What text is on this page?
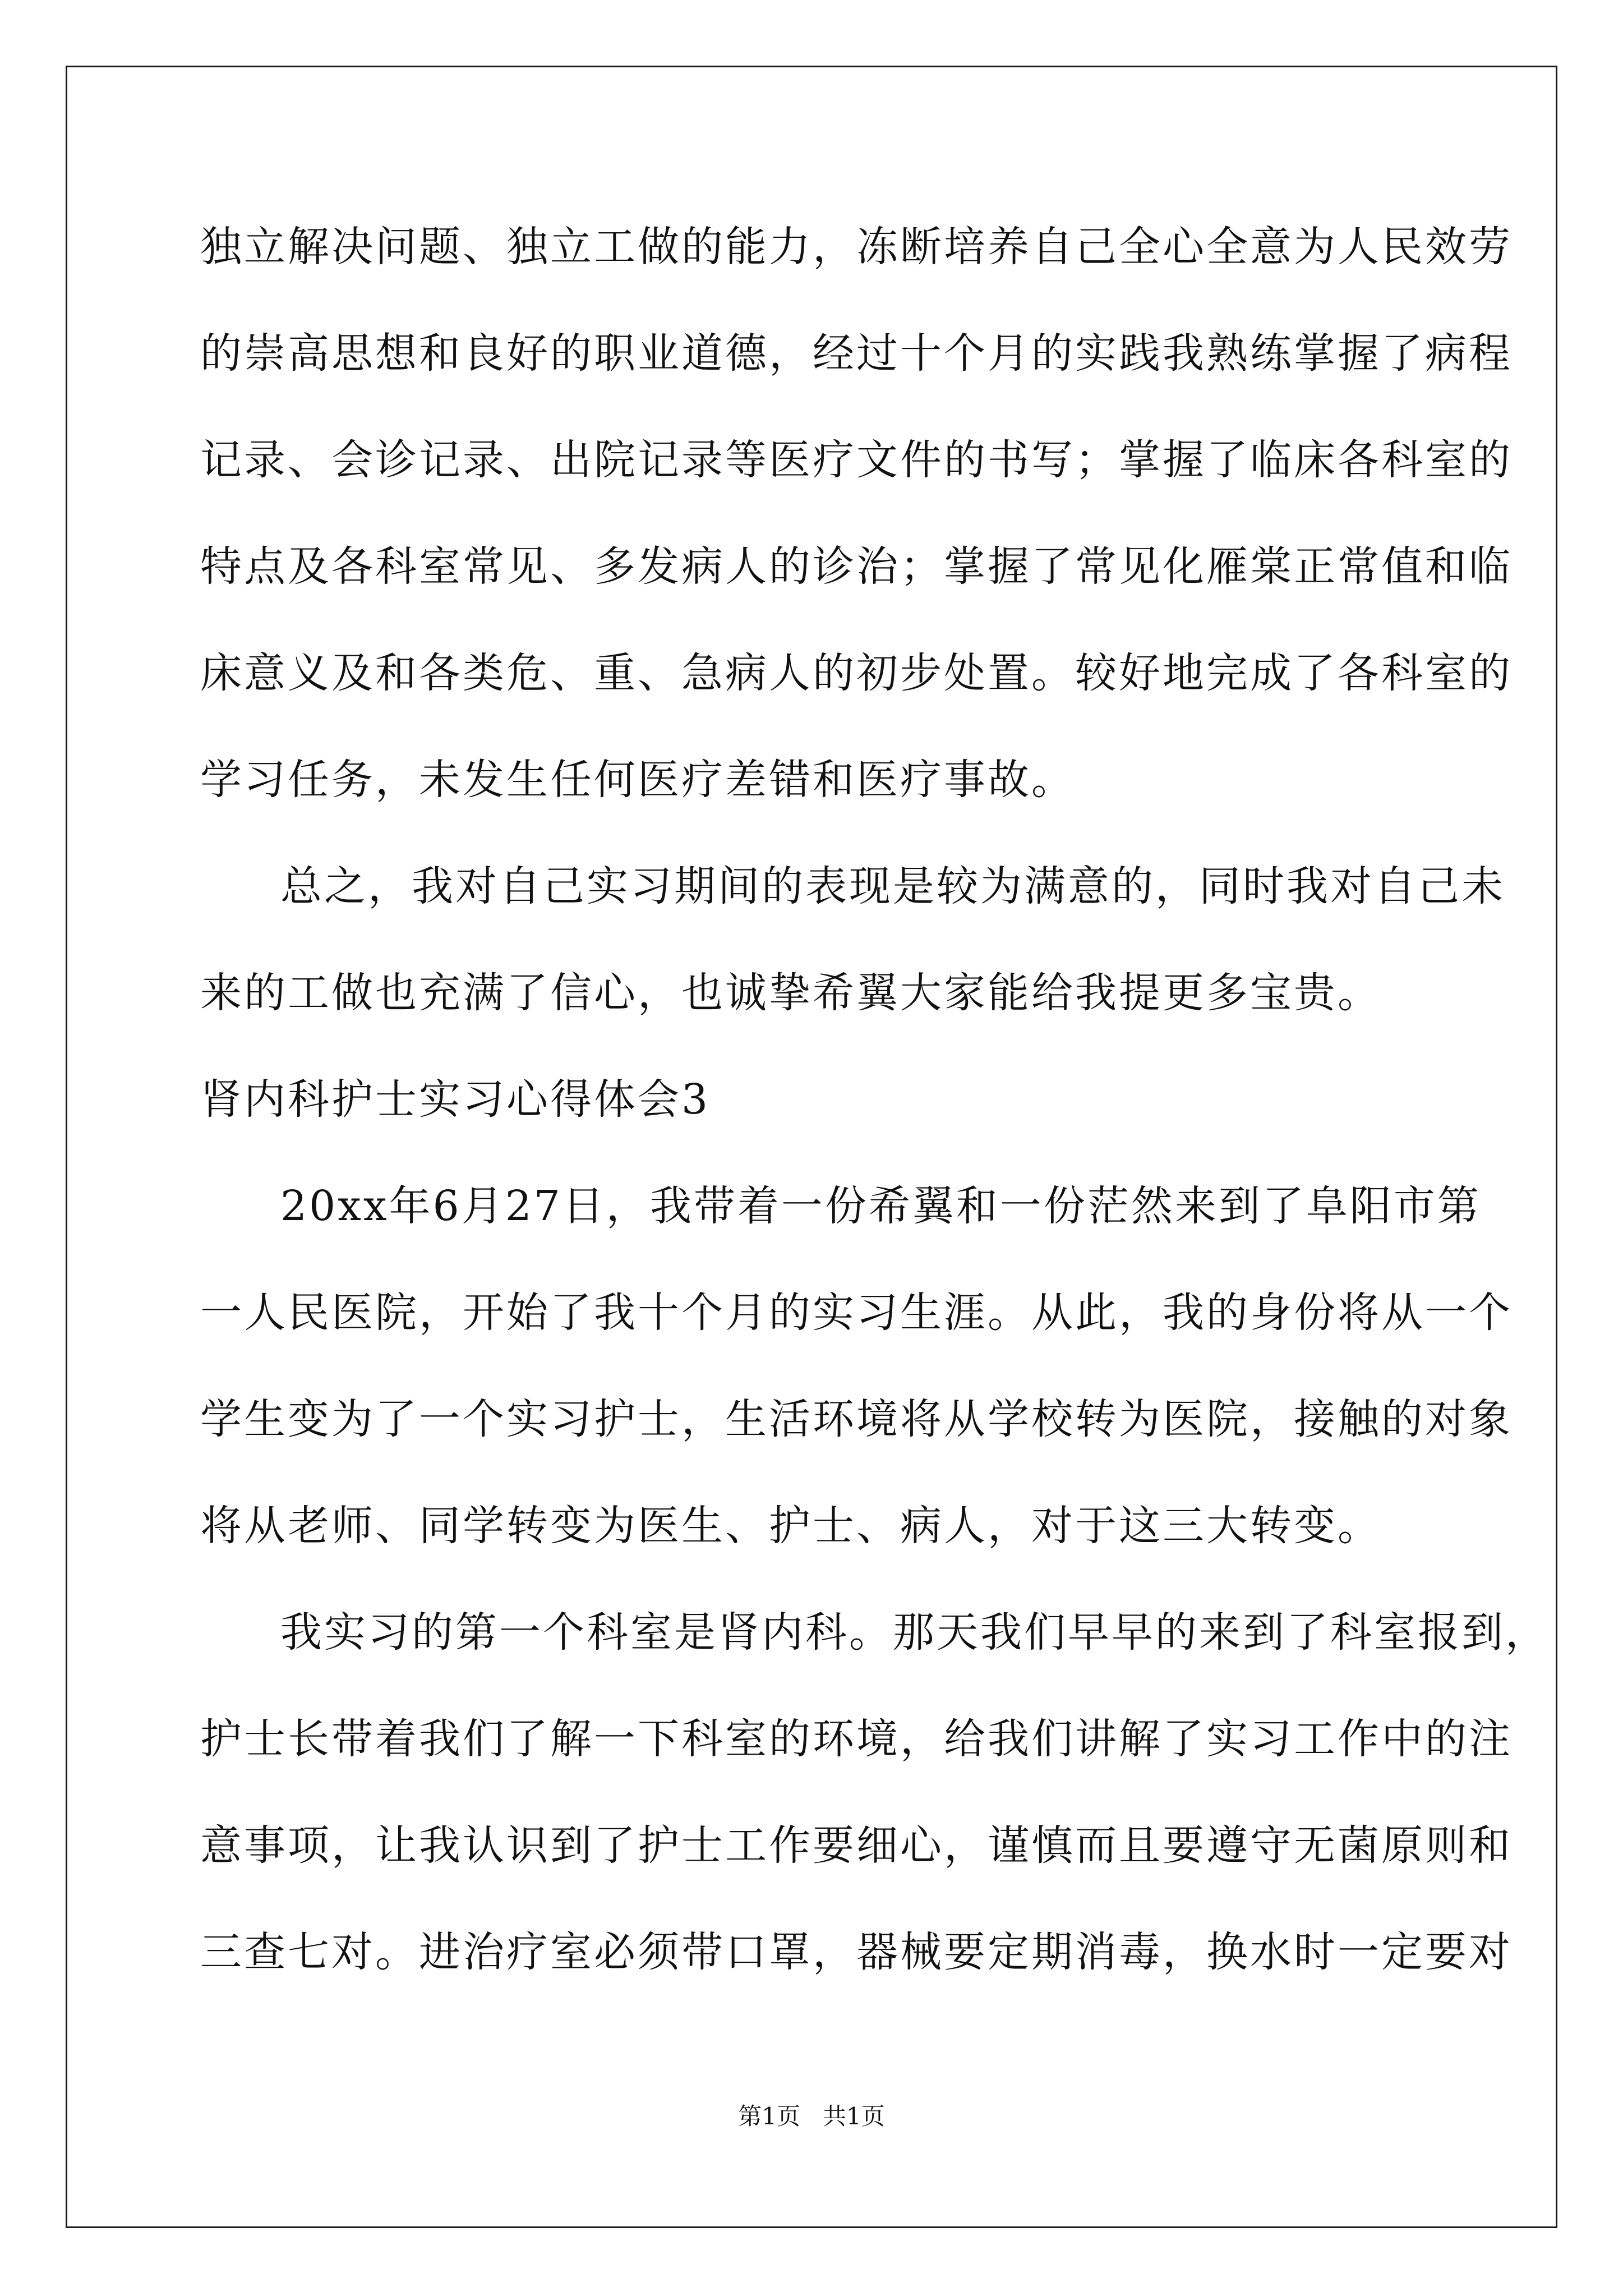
独立解决问题、独立工做的能力，冻断培养自己全心全意为人民效劳

的崇高思想和良好的职业道德，经过十个月的实践我熟练掌握了病程

记录、会诊记录、出院记录等医疗文件的书写；掌握了临床各科室的

特点及各科室常见、多发病人的诊治；掌握了常见化雁棠正常值和临

床意义及和各类危、重、急病人的初步处置。较好地完成了各科室的

学习任务，未发生任何医疗差错和医疗事故。

总之，我对自己实习期间的表现是较为满意的，同时我对自己未

来的工做也充满了信心，也诚挚希翼大家能给我提更多宝贵。

肾内科护士实习心得体会3

20xx年6月27日，我带着一份希翼和一份茫然来到了阜阳市第

一人民医院，开始了我十个月的实习生涯。从此，我的身份将从一个

学生变为了一个实习护士，生活环境将从学校转为医院，接触的对象

将从老师、同学转变为医生、护士、病人，对于这三大转变。

我实习的第一个科室是肾内科。那天我们早早的来到了科室报到，

护士长带着我们了解一下科室的环境，给我们讲解了实习工作中的注

意事项，让我认识到了护士工作要细心，谨慎而且要遵守无菌原则和

三查七对。进治疗室必须带口罩，器械要定期消毒，换水时一定要对

第1页   共1页
